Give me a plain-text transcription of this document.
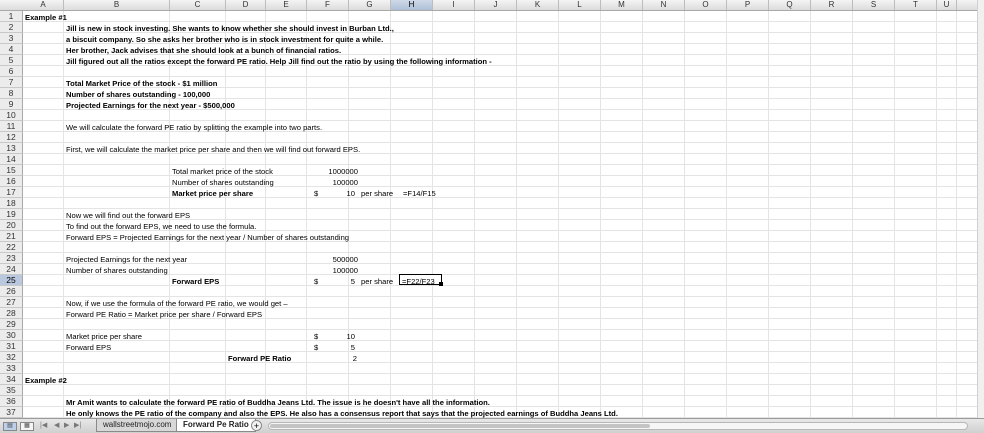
A	B	C	D	E	F	G	H	I	J	K	L	M	N	O	P	Q	R	S	T	U
1
2
3
4
5
6
7
8
9
10
11
12
13
14
15
16
17
18
19
20
21
22
23
24
25
26
27
28
29
30
31
32
33
34
35
36
37
Example #1
Jill is new in stock investing. She wants to know whether she should invest in Burban Ltd.,
a biscuit company. So she asks her brother who is in stock investment for quite a while.
Her brother, Jack advises that she should look at a bunch of financial ratios.
Jill figured out all the ratios except the forward PE ratio. Help Jill find out the ratio by using the following information -
Total Market Price of the stock - $1 million
Number of shares outstanding - 100,000
Projected Earnings for the next year - $500,000
We will calculate the forward PE ratio by splitting the example into two parts.
First, we will calculate the market price per share and then we will find out forward EPS.
Total market price of the stock	1000000
Number of shares outstanding	100000
Market price per share	$	10 per share =F14/F15
Now we will find out the forward EPS
To find out the forward EPS, we need to use the formula.
Forward EPS = Projected Earnings for the next year / Number of shares outstanding
Projected Earnings for the next year	500000
Number of shares outstanding	100000
Forward EPS	$	5 per share =F22/F23
Now, if we use the formula of the forward PE ratio, we would get –
Forward PE Ratio = Market price per share / Forward EPS
Market price per share	$	10
Forward EPS	$	5
Forward PE Ratio	2
Example #2
Mr Amit wants to calculate the forward PE ratio of Buddha Jeans Ltd. The issue is he doesn't have all the information.
He only knows the PE ratio of the company and also the EPS. He also has a consensus report that says that the projected earnings of Buddha Jeans Ltd.
▤	▦	|◀ ◀ ▶ ▶|	wallstreetmojo.com	Forward Pe Ratio +
